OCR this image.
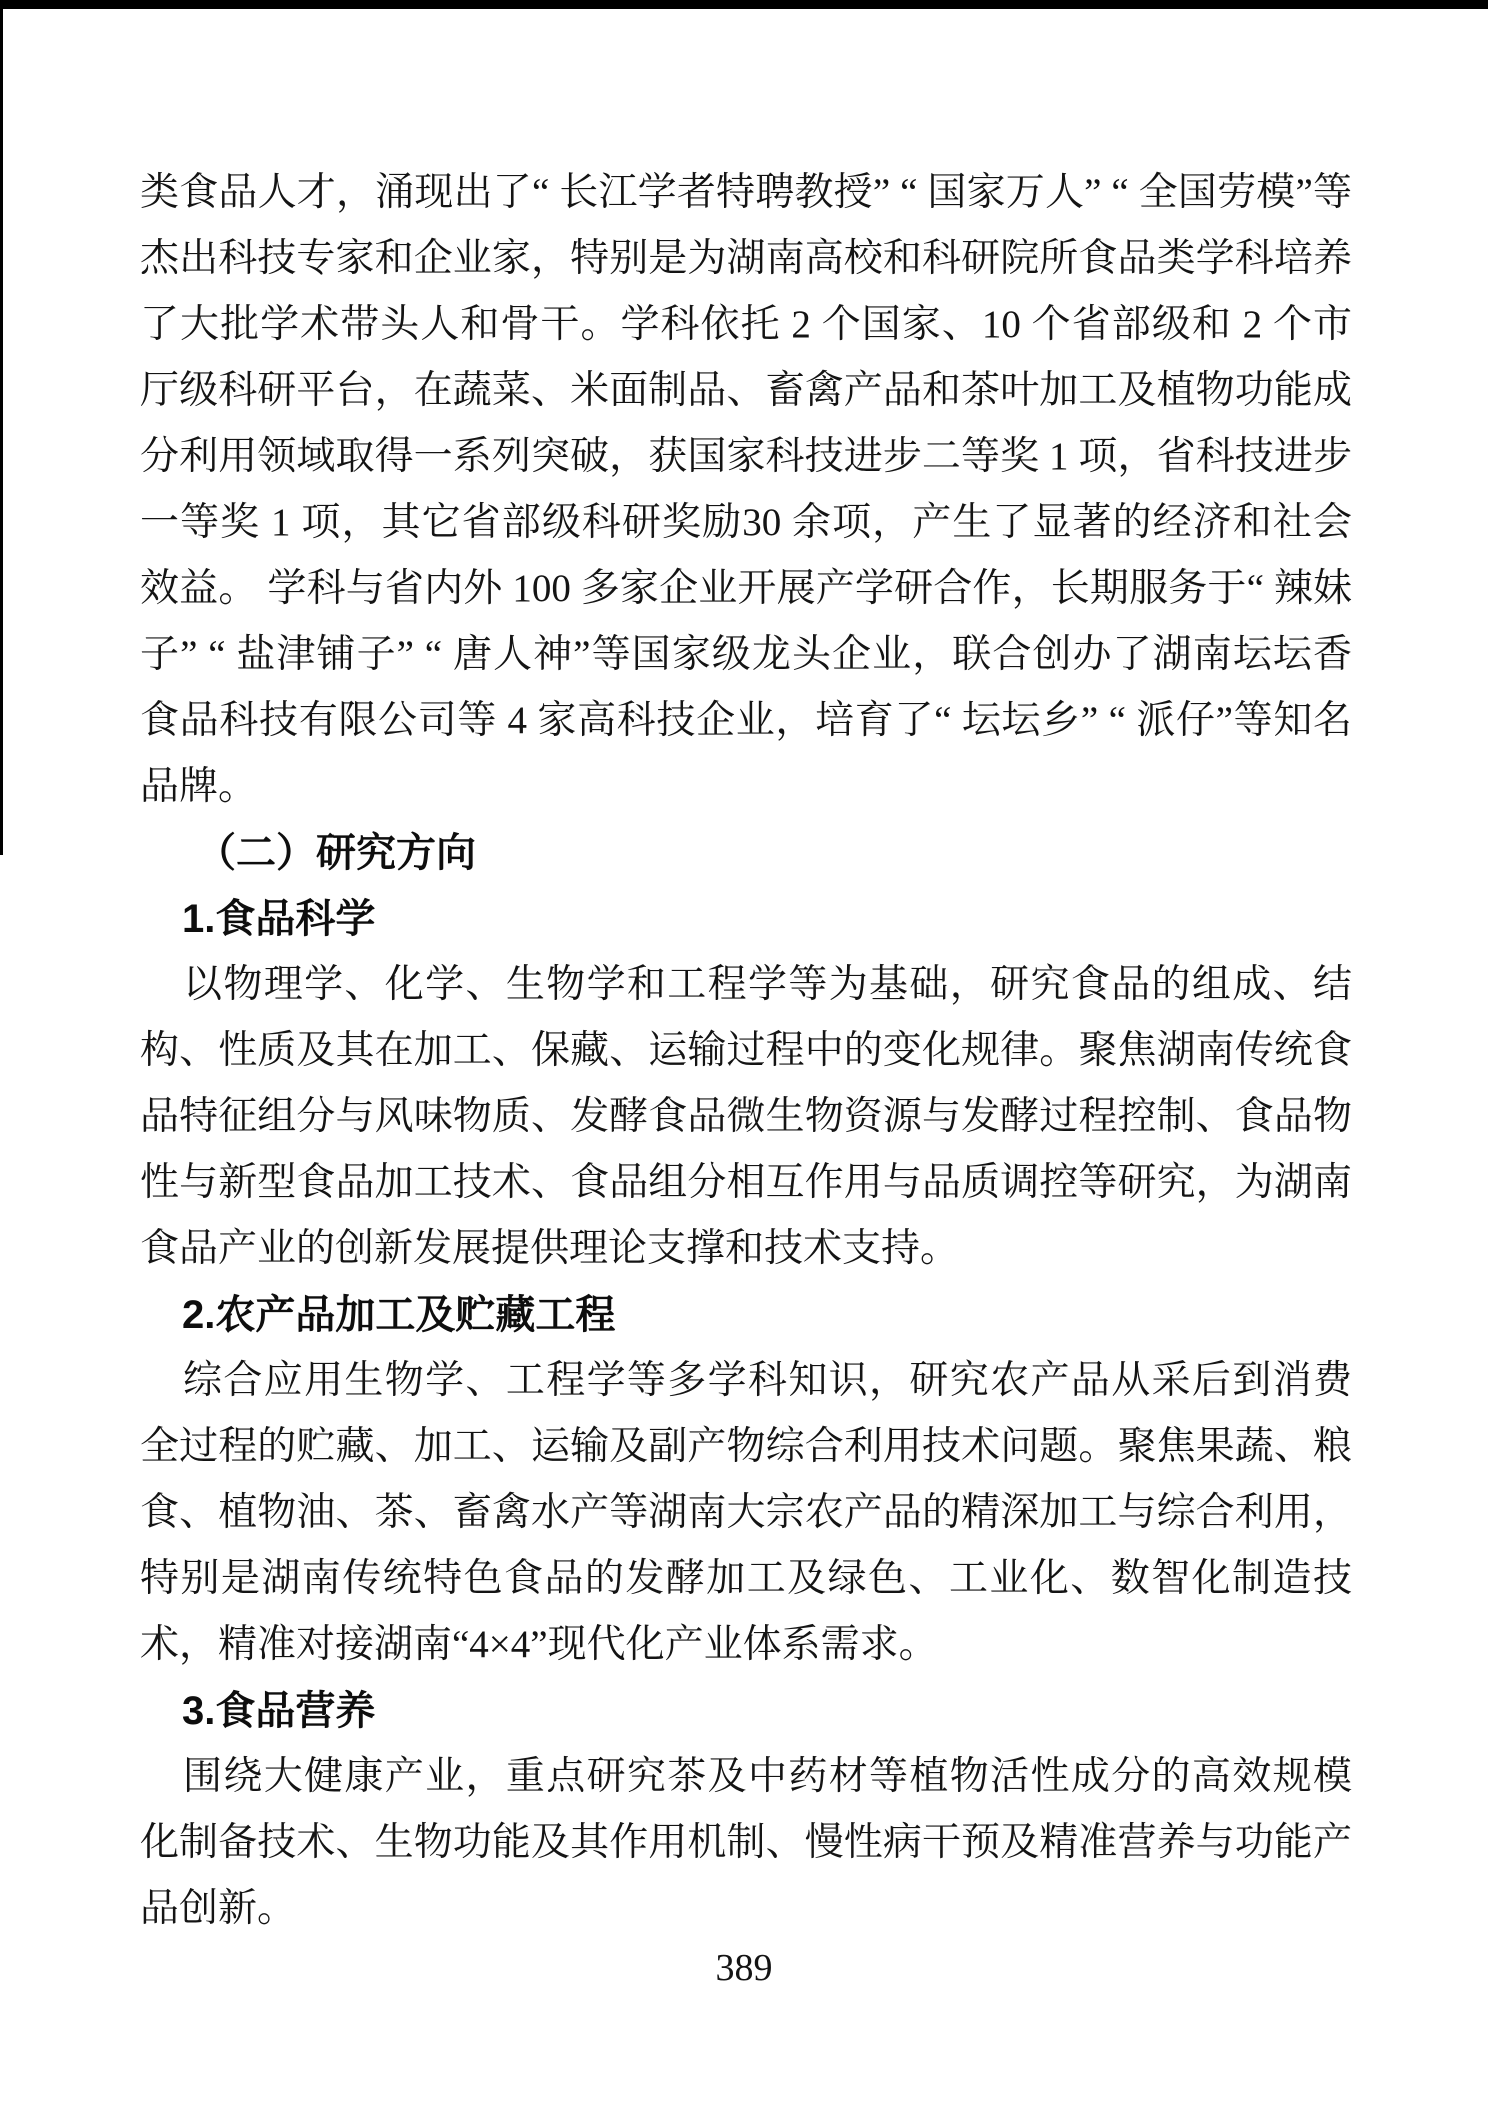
类食品人才，涌现出了“ 长江学者特聘教授” “ 国家万人” “ 全国劳模”等杰出科技专家和企业家，特别是为湖南高校和科研院所食品类学科培养了大批学术带头人和骨干。学科依托 2 个国家、10 个省部级和 2 个市厅级科研平台，在蔬菜、米面制品、畜禽产品和茶叶加工及植物功能成分利用领域取得一系列突破，获国家科技进步二等奖 1 项，省科技进步一等奖 1 项，其它省部级科研奖励30 余项，产生了显著的经济和社会效益。 学科与省内外 100 多家企业开展产学研合作，长期服务于“ 辣妹子” “ 盐津铺子” “ 唐人神”等国家级龙头企业，联合创办了湖南坛坛香食品科技有限公司等 4 家高科技企业，培育了“ 坛坛乡” “ 派仔”等知名品牌。

（二）研究方向
1.食品科学

以物理学、化学、生物学和工程学等为基础，研究食品的组成、结构、性质及其在加工、保藏、运输过程中的变化规律。聚焦湖南传统食品特征组分与风味物质、发酵食品微生物资源与发酵过程控制、食品物性与新型食品加工技术、食品组分相互作用与品质调控等研究，为湖南食品产业的创新发展提供理论支撑和技术支持。

2.农产品加工及贮藏工程

综合应用生物学、工程学等多学科知识，研究农产品从采后到消费全过程的贮藏、加工、运输及副产物综合利用技术问题。聚焦果蔬、粮食、植物油、茶、畜禽水产等湖南大宗农产品的精深加工与综合利用，特别是湖南传统特色食品的发酵加工及绿色、工业化、数智化制造技术，精准对接湖南“4×4”现代化产业体系需求。

3.食品营养

围绕大健康产业，重点研究茶及中药材等植物活性成分的高效规模化制备技术、生物功能及其作用机制、慢性病干预及精准营养与功能产品创新。

389
